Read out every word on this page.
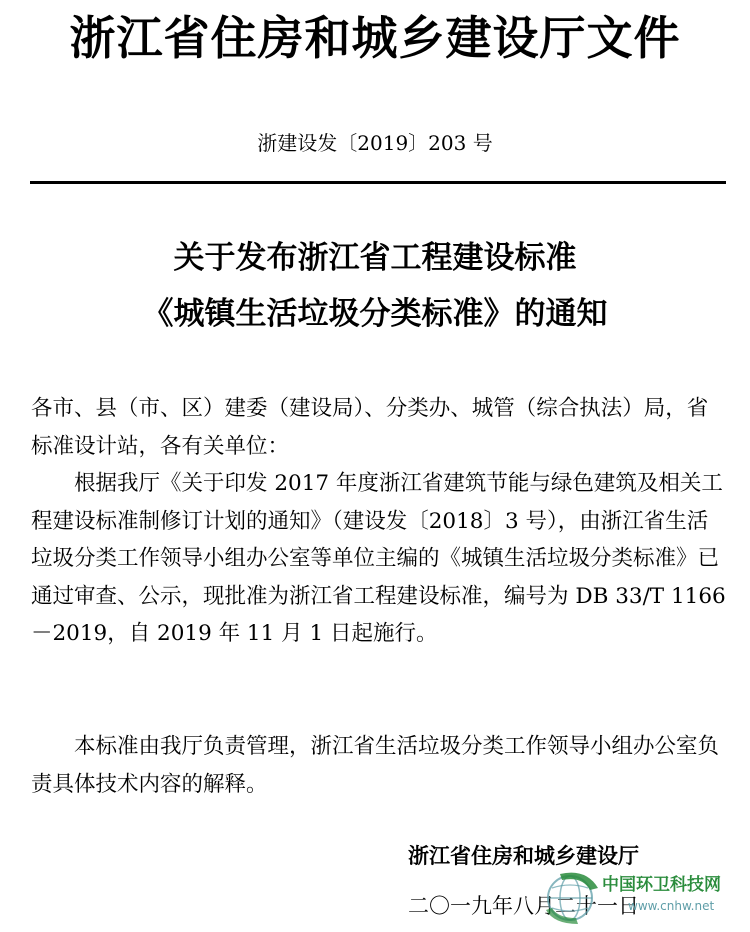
浙江省住房和城乡建设厅文件
浙建设发〔2019〕203 号
关于发布浙江省工程建设标准
《城镇生活垃圾分类标准》的通知
各市、县（市、区）建委（建设局）、分类办、城管（综合执法）局，省标准设计站，各有关单位：
根据我厅《关于印发 2017 年度浙江省建筑节能与绿色建筑及相关工程建设标准制修订计划的通知》（建设发〔2018〕3 号），由浙江省生活垃圾分类工作领导小组办公室等单位主编的《城镇生活垃圾分类标准》已通过审查、公示，现批准为浙江省工程建设标准，编号为 DB 33/T 1166－2019，自 2019 年 11 月 1 日起施行。
本标准由我厅负责管理，浙江省生活垃圾分类工作领导小组办公室负责具体技术内容的解释。
浙江省住房和城乡建设厅
二〇一九年八月二十一日
中国环卫科技网
www.cnhw.net
